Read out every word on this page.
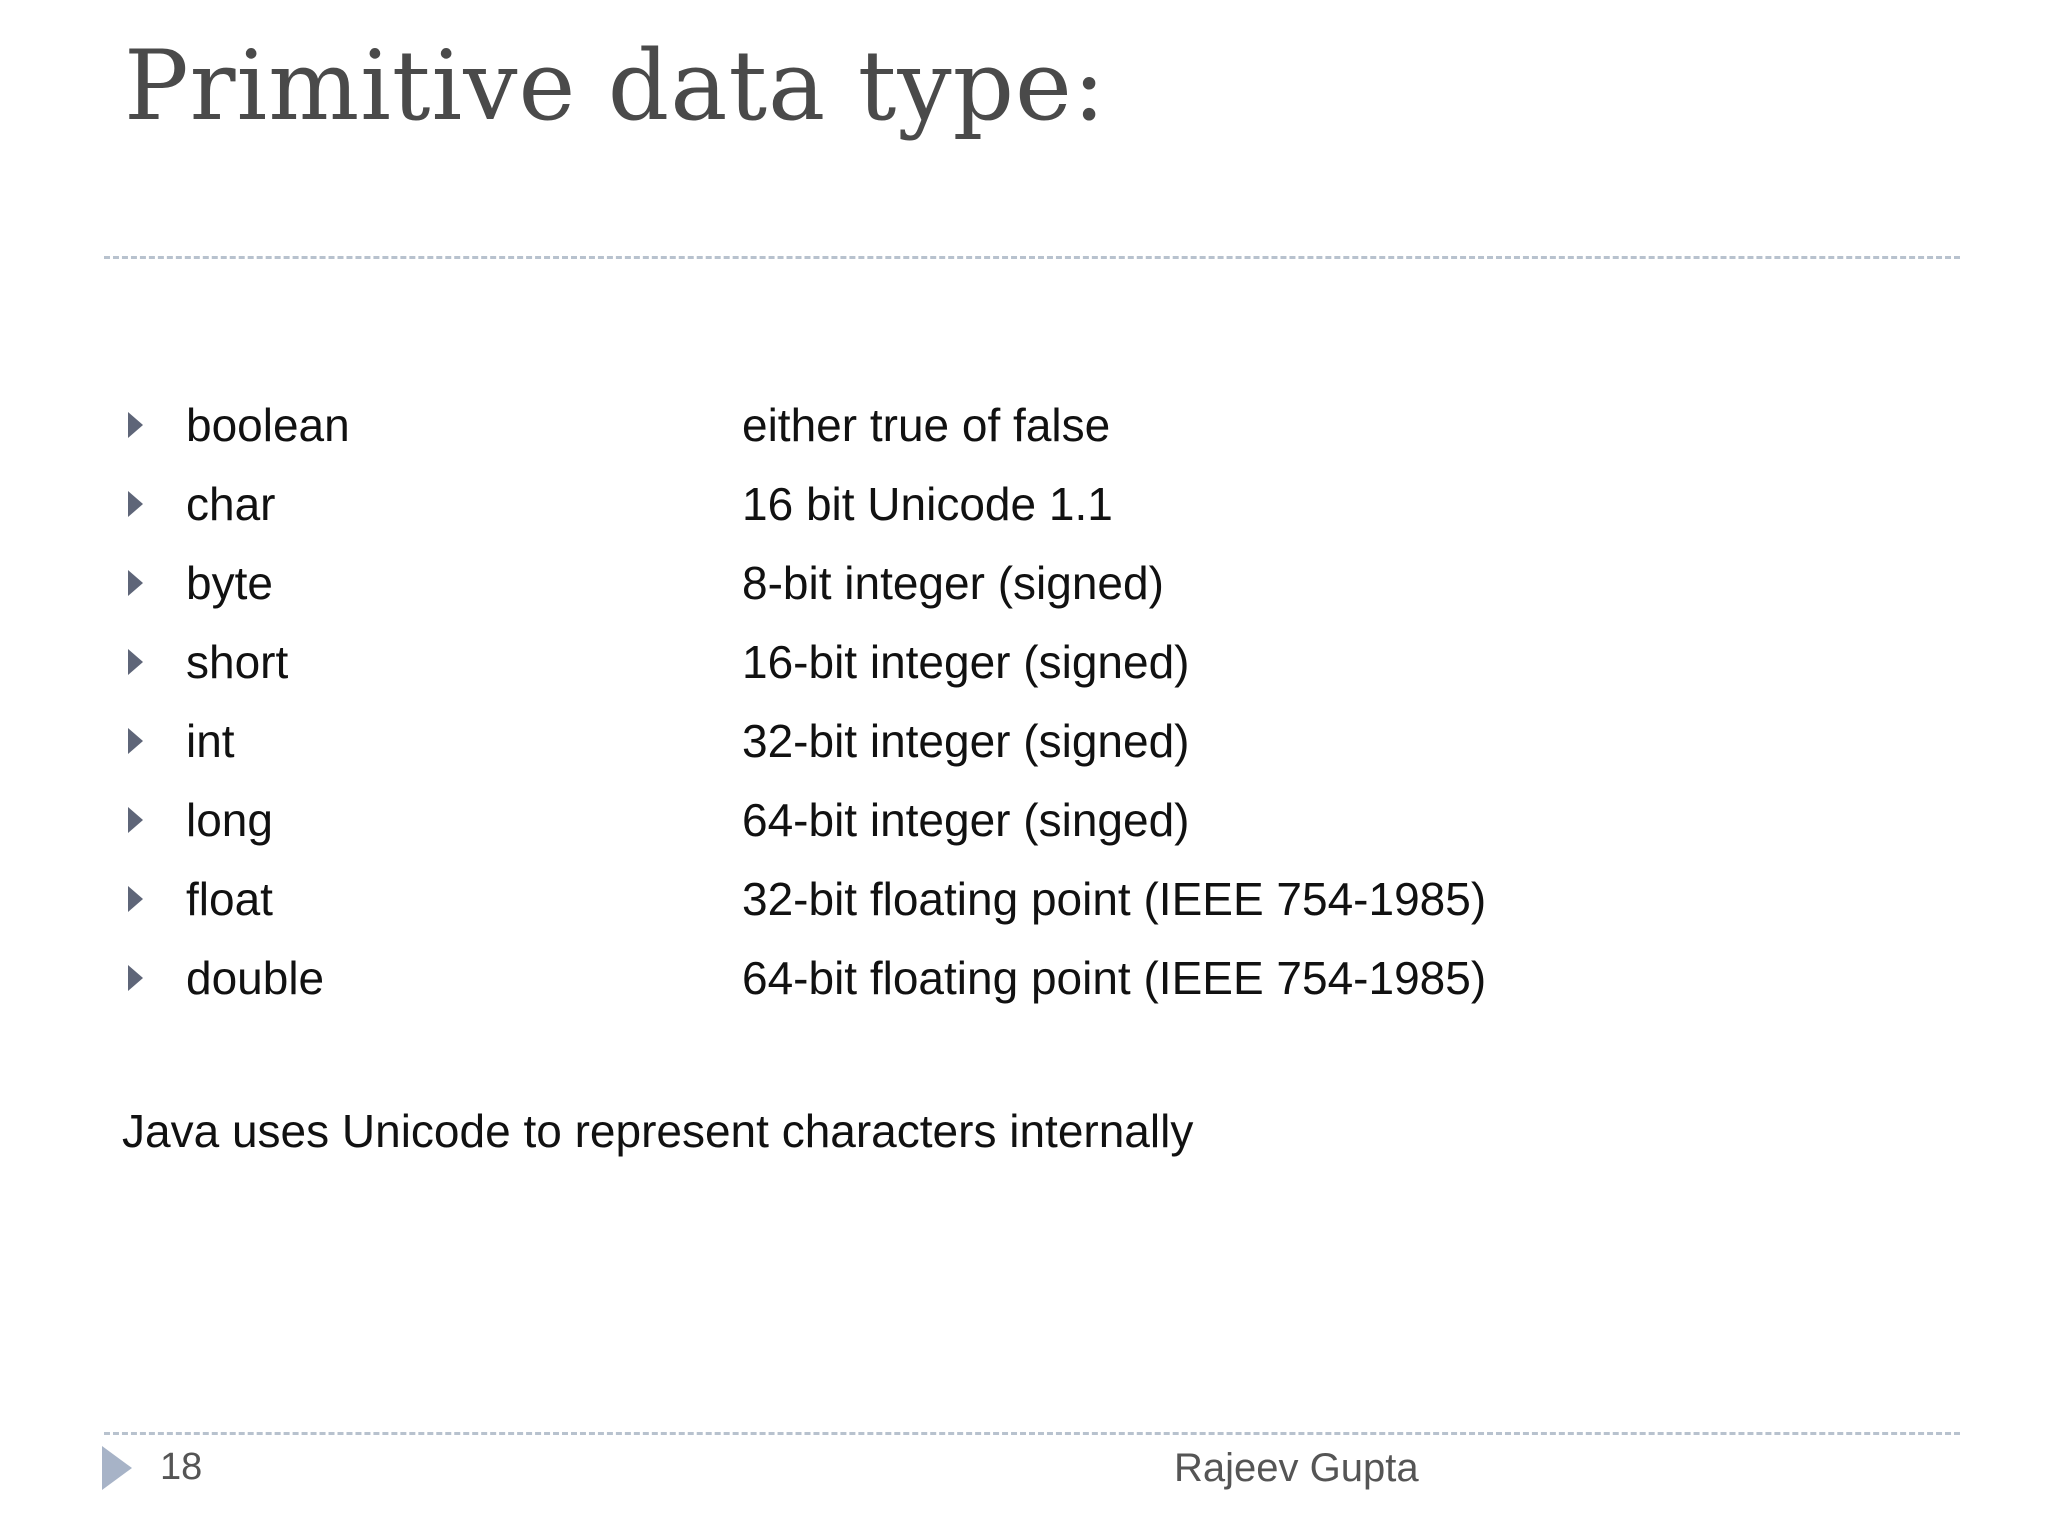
Primitive data type:
boolean	either true of false
char	16 bit Unicode 1.1
byte	8-bit integer (signed)
short	16-bit integer (signed)
int	32-bit integer (signed)
long	64-bit integer (singed)
float	32-bit floating point (IEEE 754-1985)
double	64-bit floating point (IEEE 754-1985)
Java uses Unicode to represent characters internally
18	Rajeev Gupta
